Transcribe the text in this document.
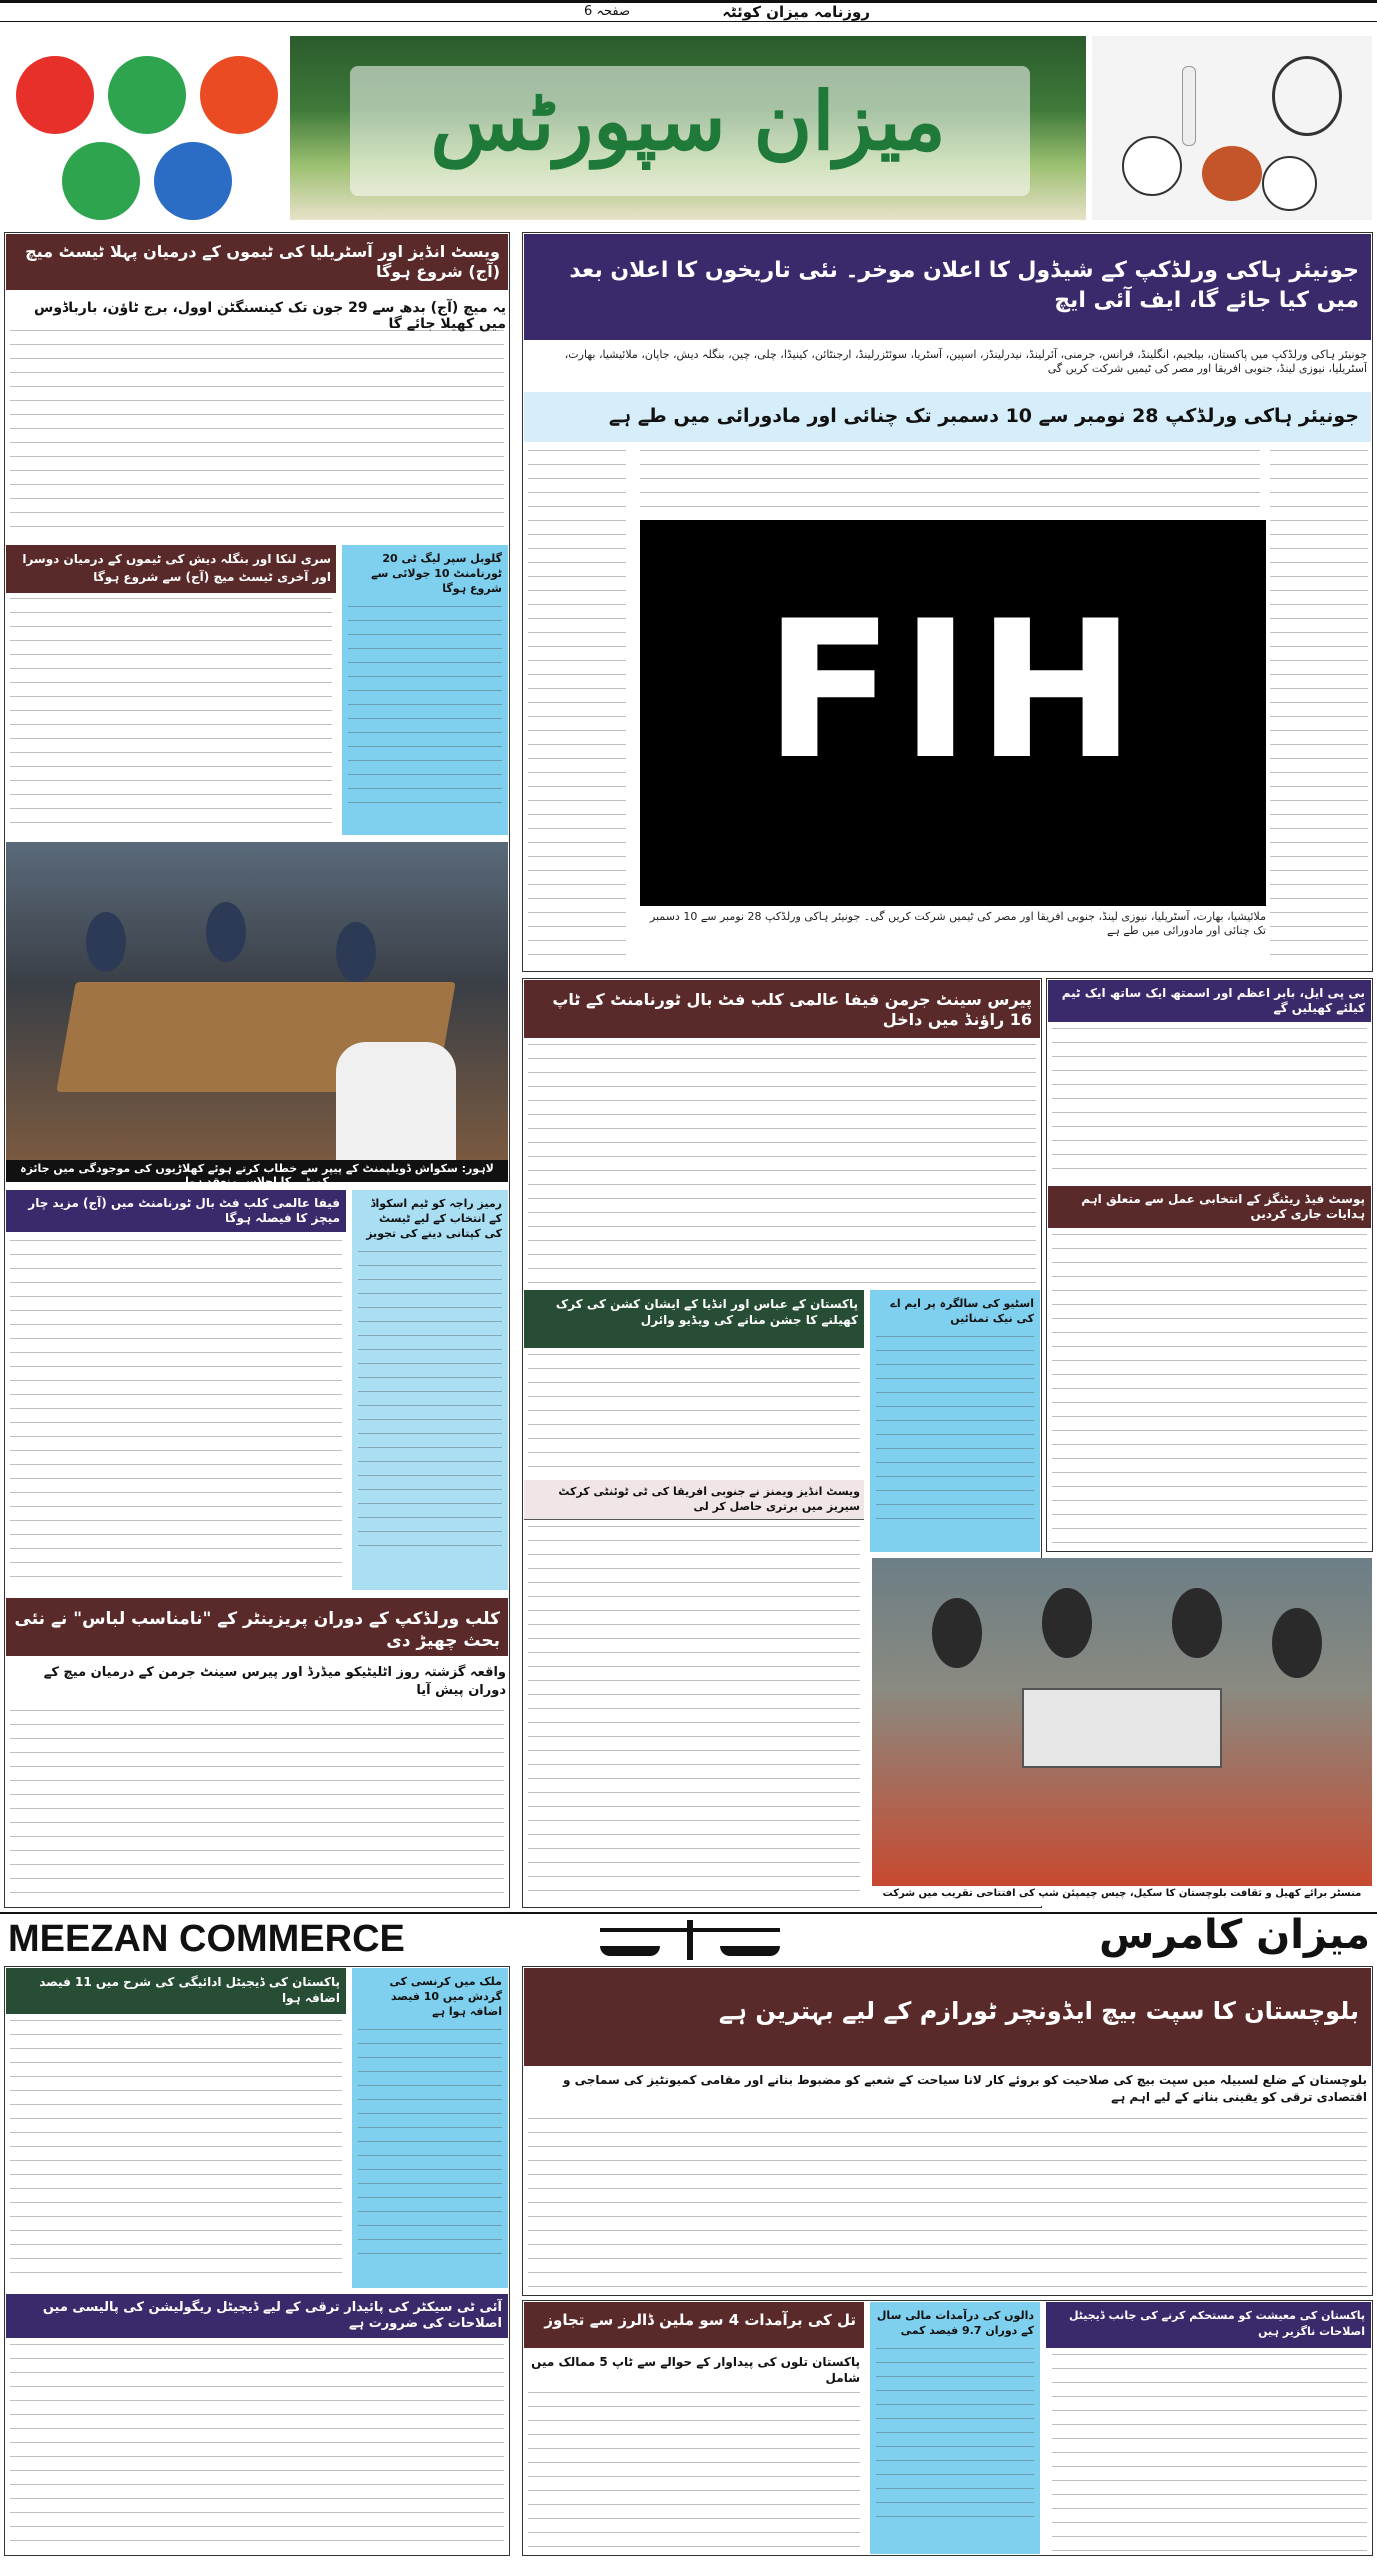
روزنامہ میزان کوئٹہ
صفحہ 6
میزان سپورٹس
ویسٹ انڈیز اور آسٹریلیا کی ٹیموں کے درمیان پہلا ٹیسٹ میچ (آج) شروع ہوگا
یہ میچ (آج) بدھ سے 29 جون تک کینسنگٹن اوول، برج ٹاؤن، بارباڈوس میں کھیلا جائے گا
سری لنکا اور بنگلہ دیش کی ٹیموں کے درمیان دوسرا اور آخری ٹیسٹ میچ (آج) سے شروع ہوگا
گلوبل سپر لیگ ٹی 20 ٹورنامنٹ 10 جولائی سے شروع ہوگا
لاہور: سکواش ڈویلپمنٹ کے پیپر سے خطاب کرتے ہوئے کھلاڑیوں کی موجودگی میں جائزہ کمیٹی کا اجلاس منعقد ہوا
فیفا عالمی کلب فٹ بال ٹورنامنٹ میں (آج) مزید چار میچز کا فیصلہ ہوگا
رمیز راجہ کو ٹیم اسکواڈ کے انتخاب کے لیے ٹیسٹ کی کپتانی دینے کی تجویز
کلب ورلڈکپ کے دوران پریزینٹر کے "نامناسب لباس" نے نئی بحث چھیڑ دی
واقعہ گزشتہ روز اٹلیٹیکو میڈرڈ اور پیرس سینٹ جرمن کے درمیان میچ کے دوران پیش آیا
جونیئر ہاکی ورلڈکپ کے شیڈول کا اعلان موخر۔ نئی تاریخوں کا اعلان بعد میں کیا جائے گا، ایف آئی ایچ
جونیئر ہاکی ورلڈکپ میں پاکستان، بیلجیم، انگلینڈ، فرانس، جرمنی، آئرلینڈ، نیدرلینڈز، اسپین، آسٹریا، سوئٹزرلینڈ، ارجنٹائن، کینیڈا، چلی، چین، بنگلہ دیش، جاپان، ملائیشیا، بھارت، آسٹریلیا، نیوزی لینڈ، جنوبی افریقا اور مصر کی ٹیمیں شرکت کریں گی
جونیئر ہاکی ورلڈکپ 28 نومبر سے 10 دسمبر تک چنائی اور مادورائی میں طے ہے
FIH
ملائیشیا، بھارت، آسٹریلیا، نیوزی لینڈ، جنوبی افریقا اور مصر کی ٹیمیں شرکت کریں گی۔ جونیئر ہاکی ورلڈکپ 28 نومبر سے 10 دسمبر تک چنائی اور مادورائی میں طے ہے
پیرس سینٹ جرمن فیفا عالمی کلب فٹ بال ٹورنامنٹ کے ٹاپ 16 راؤنڈ میں داخل
پاکستان کے عباس اور انڈیا کے ایشان کشن کی کرک کھیلنے کا جشن منانے کی ویڈیو وائرل
اسٹیو کی سالگرہ پر ایم اے کی نیک تمنائیں
ویسٹ انڈیز ویمنز نے جنوبی افریقا کی ٹی ٹوئنٹی کرکٹ سیریز میں برتری حاصل کر لی
منسٹر برائے کھیل و ثقافت بلوچستان کا سکیل، چیس چیمپئن شپ کی افتتاحی تقریب میں شرکت
بی پی ایل، بابر اعظم اور اسمتھ ایک ساتھ ایک ٹیم کیلئے کھیلیں گے
پوسٹ فیڈ ریٹنگز کے انتخابی عمل سے متعلق اہم ہدایات جاری کردیں
MEEZAN COMMERCE	میزان کامرس
پاکستان کی ڈیجیٹل ادائیگی کی شرح میں 11 فیصد اضافہ ہوا
ملک میں کرنسی کی گردش میں 10 فیصد اضافہ ہوا ہے
آئی ٹی سیکٹر کی پائیدار ترقی کے لیے ڈیجیٹل ریگولیشن کی پالیسی میں اصلاحات کی ضرورت ہے
بلوچستان کا سپت بیچ ایڈونچر ٹورازم کے لیے بہترین ہے
بلوچستان کے ضلع لسبیلہ میں سپت بیچ کی صلاحیت کو بروئے کار لانا سیاحت کے شعبے کو مضبوط بنانے اور مقامی کمیونٹیز کی سماجی و اقتصادی ترقی کو یقینی بنانے کے لیے اہم ہے
تل کی برآمدات 4 سو ملین ڈالرز سے تجاوز
پاکستان تلوں کی پیداوار کے حوالے سے ٹاپ 5 ممالک میں شامل
دالوں کی درآمدات مالی سال کے دوران 9.7 فیصد کمی
پاکستان کی معیشت کو مستحکم کرنے کی جانب ڈیجیٹل اصلاحات ناگزیر ہیں
